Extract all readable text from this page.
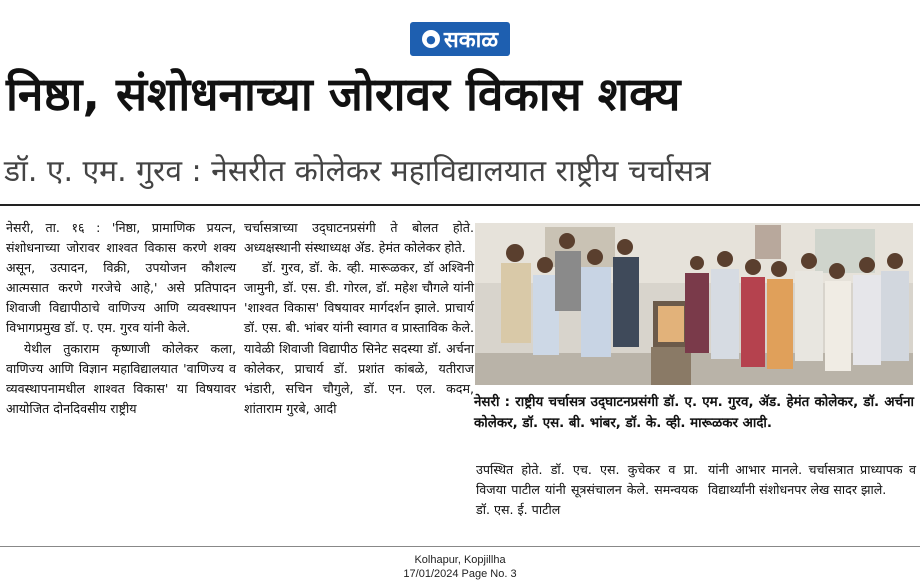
● सकाळ
निष्ठा, संशोधनाच्या जोरावर विकास शक्य
डॉ. ए. एम. गुरव : नेसरीत कोलेकर महाविद्यालयात राष्ट्रीय चर्चासत्र

नेसरी, ता. १६ : 'निष्ठा, प्रामाणिक प्रयत्न, संशोधनाच्या जोरावर शाश्वत विकास करणे शक्य असून, उत्पादन, विक्री, उपयोजन कौशल्य आत्मसात करणे गरजेचे आहे,' असे प्रतिपादन शिवाजी विद्यापीठाचे वाणिज्य आणि व्यवस्थापन विभागप्रमुख डॉ. ए. एम. गुरव यांनी केले.

येथील तुकाराम कृष्णाजी कोलेकर कला, वाणिज्य आणि विज्ञान महाविद्यालयात 'वाणिज्य व व्यवस्थापनामधील शाश्वत विकास' या विषयावर आयोजित दोनदिवसीय राष्ट्रीय

चर्चासत्राच्या उद्‌घाटनप्रसंगी ते बोलत होते. अध्यक्षस्थानी संस्थाध्यक्ष ॲड. हेमंत कोलेकर होते.

डॉ. गुरव, डॉ. के. व्ही. मारूळकर, डॉ अश्विनी जामुनी, डॉ. एस. डी. गोरल, डॉ. महेश चौगले यांनी 'शाश्वत विकास' विषयावर मार्गदर्शन झाले. प्राचार्य डॉ. एस. बी. भांबर यांनी स्वागत व प्रास्ताविक केले. यावेळी शिवाजी विद्यापीठ सिनेट सदस्या डॉ. अर्चना कोलेकर, प्राचार्य डॉ. प्रशांत कांबळे, यतीराज भंडारी, सचिन चौगुले, डॉ. एन. एल. कदम, शांताराम गुरबे, आदी	नेसरी : राष्ट्रीय चर्चासत्र उद्‌घाटनप्रसंगी डॉ. ए. एम. गुरव, ॲड. हेमंत कोलेकर, डॉ. अर्चना कोलेकर, डॉ. एस. बी. भांबर, डॉ. के. व्ही. मारूळकर आदी.

उपस्थित होते. डॉ. एच. एस. कुचेकर व प्रा. विजया पाटील यांनी सूत्रसंचालन केले. समन्वयक डॉ. एस. ई. पाटील

यांनी आभार मानले. चर्चासत्रात प्राध्यापक व विद्यार्थ्यांनी संशोधनपर लेख सादर झाले.

Kolhapur, Kopjillha
17/01/2024 Page No. 3
